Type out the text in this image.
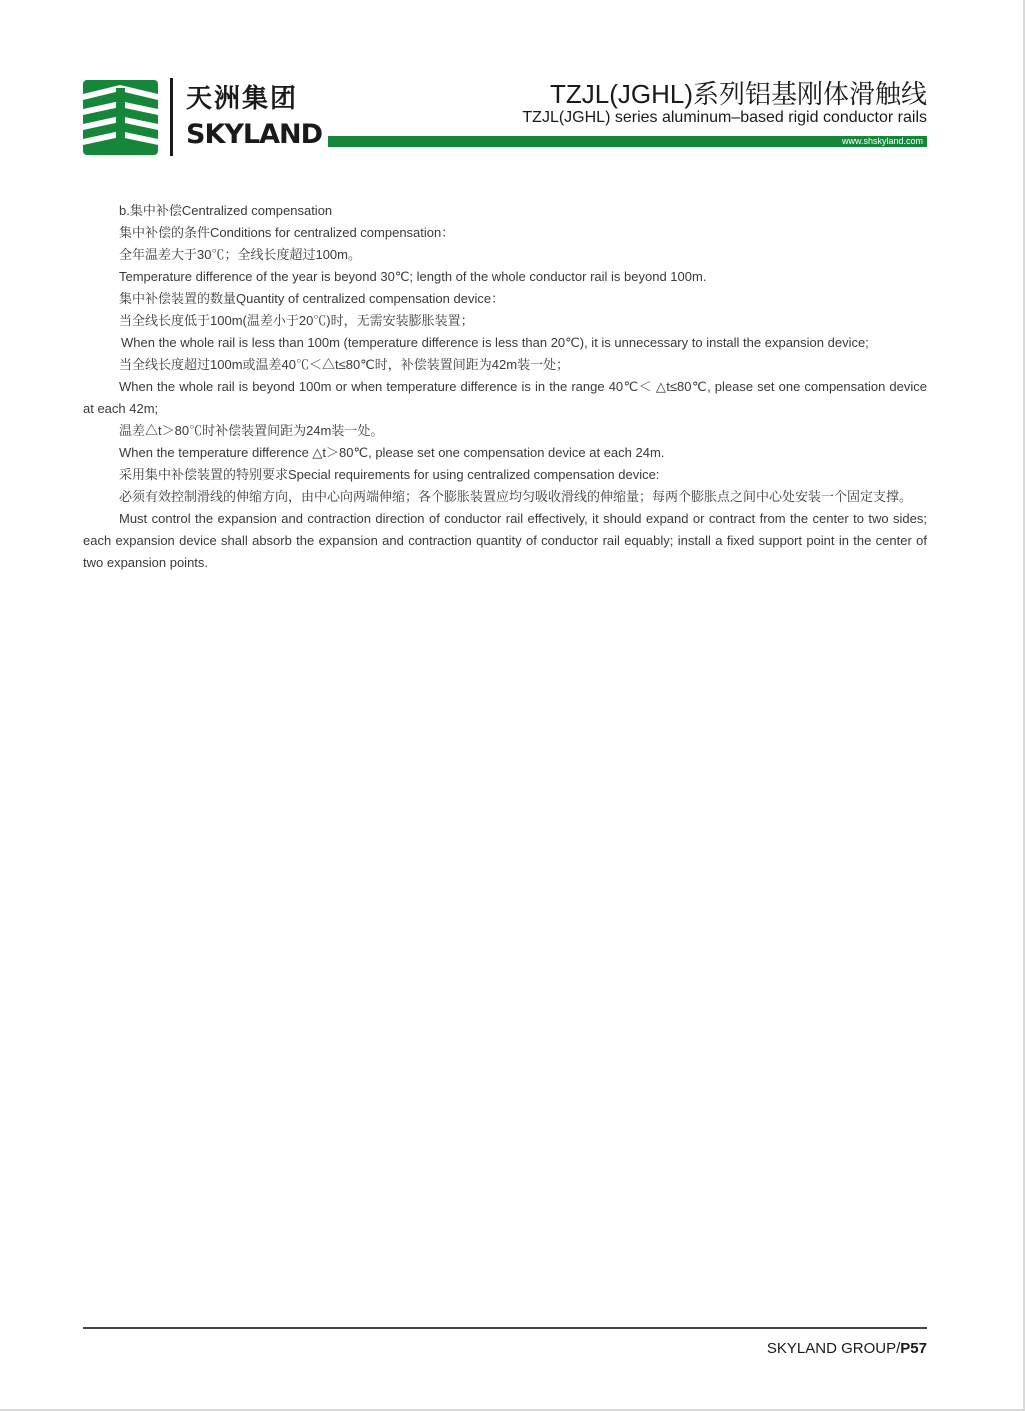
天洲集团
SKYLAND
TZJL(JGHL)系列铝基刚体滑触线
TZJL(JGHL) series aluminum–based rigid conductor rails
www.shskyland.com

b.集中补偿Centralized compensation

集中补偿的条件Conditions for centralized compensation：

全年温差大于30℃；全线长度超过100m。

Temperature difference of the year is beyond 30℃; length of the whole conductor rail is beyond 100m.

集中补偿装置的数量Quantity of centralized compensation device：

当全线长度低于100m(温差小于20℃)时，无需安装膨胀装置；

When the whole rail is less than 100m (temperature difference is less than 20℃), it is unnecessary to install the expansion device;

当全线长度超过100m或温差40℃＜△t≤80℃时，补偿装置间距为42m装一处；

When the whole rail is beyond 100m or when temperature difference is in the range 40℃＜ △t≤80℃, please set one compensation device at each 42m;

温差△t＞80℃时补偿装置间距为24m装一处。

When the temperature difference △t＞80℃, please set one compensation device at each 24m.

采用集中补偿装置的特别要求Special requirements for using centralized compensation device:

必须有效控制滑线的伸缩方向，由中心向两端伸缩；各个膨胀装置应均匀吸收滑线的伸缩量；每两个膨胀点之间中心处安装一个固定支撑。

Must control the expansion and contraction direction of conductor rail effectively, it should expand or contract from the center to two sides; each expansion device shall absorb the expansion and contraction quantity of conductor rail equably; install a fixed support point in the center of two expansion points.

SKYLAND GROUP/P57
